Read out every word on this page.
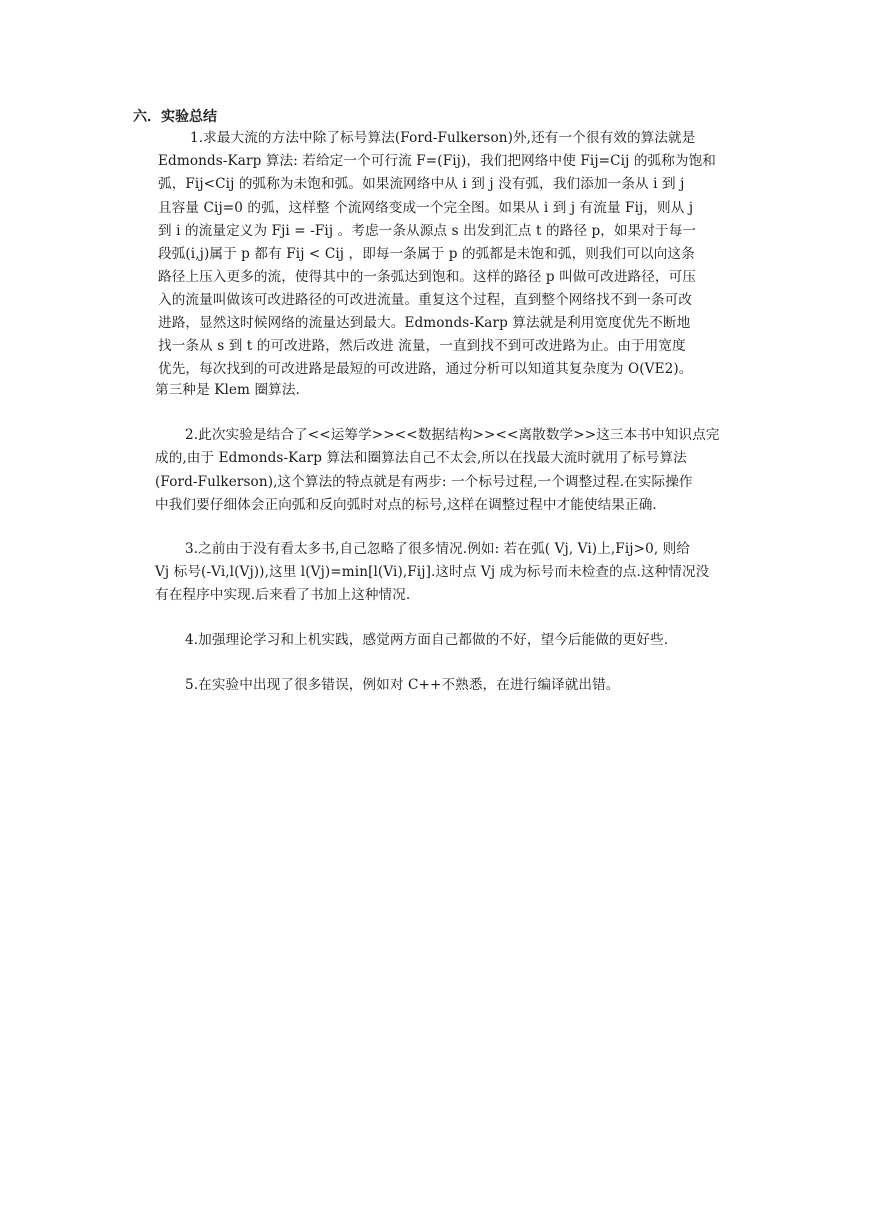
六．实验总结
1.求最大流的方法中除了标号算法(Ford-Fulkerson)外,还有一个很有效的算法就是
Edmonds-Karp 算法: 若给定一个可行流 F=(Fij)，我们把网络中使 Fij=Cij 的弧称为饱和
弧，Fij<Cij 的弧称为未饱和弧。如果流网络中从 i 到 j 没有弧，我们添加一条从 i 到 j
且容量 Cij=0 的弧，这样整 个流网络变成一个完全图。如果从 i 到 j 有流量 Fij，则从 j
到 i 的流量定义为 Fji = -Fij 。考虑一条从源点 s 出发到汇点 t 的路径 p，如果对于每一
段弧(i,j)属于 p 都有 Fij < Cij ，即每一条属于 p 的弧都是未饱和弧，则我们可以向这条
路径上压入更多的流，使得其中的一条弧达到饱和。这样的路径 p 叫做可改进路径，可压
入的流量叫做该可改进路径的可改进流量。重复这个过程，直到整个网络找不到一条可改
进路，显然这时候网络的流量达到最大。Edmonds-Karp 算法就是利用宽度优先不断地
找一条从 s 到 t 的可改进路，然后改进 流量，一直到找不到可改进路为止。由于用宽度
优先，每次找到的可改进路是最短的可改进路，通过分析可以知道其复杂度为 O(VE2)。
第三种是 Klem 圈算法.
2.此次实验是结合了<<运筹学>><<数据结构>><<离散数学>>这三本书中知识点完
成的,由于 Edmonds-Karp 算法和圈算法自己不太会,所以在找最大流时就用了标号算法
(Ford-Fulkerson),这个算法的特点就是有两步: 一个标号过程,一个调整过程.在实际操作
中我们要仔细体会正向弧和反向弧时对点的标号,这样在调整过程中才能使结果正确.
3.之前由于没有看太多书,自己忽略了很多情况.例如: 若在弧( Vj, Vi)上,Fij>0, 则给
Vj 标号(-Vi,l(Vj)),这里 l(Vj)=min[l(Vi),Fij].这时点 Vj 成为标号而未检查的点.这种情况没
有在程序中实现.后来看了书加上这种情况.
4.加强理论学习和上机实践，感觉两方面自己都做的不好，望今后能做的更好些.
5.在实验中出现了很多错误，例如对 C++不熟悉，在进行编译就出错。
